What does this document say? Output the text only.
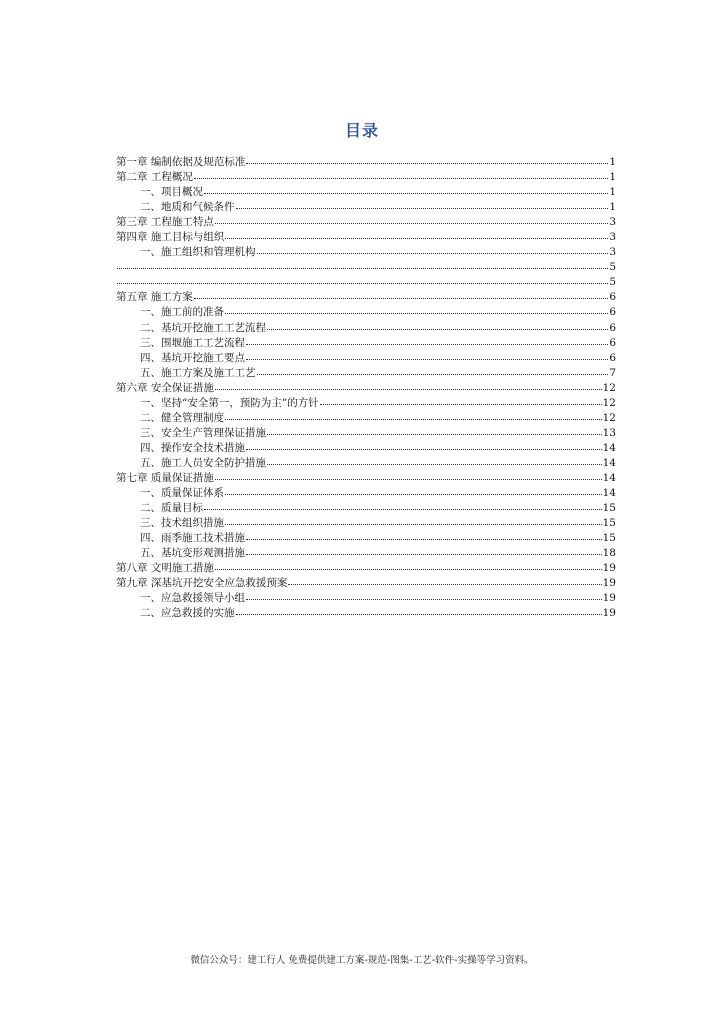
目录
第一章 编制依据及规范标准	1
第二章 工程概况	1
一、项目概况	1
二、地质和气候条件	1
第三章 工程施工特点	3
第四章 施工目标与组织	3
一、施工组织和管理机构	3
5
5
第五章 施工方案	6
一、施工前的准备	6
二、基坑开挖施工工艺流程	6
三、围堰施工工艺流程	6
四、基坑开挖施工要点	6
五、施工方案及施工工艺	7
第六章 安全保证措施	12
一、坚持“安全第一，预防为主”的方针	12
二、健全管理制度	12
三、安全生产管理保证措施	13
四、操作安全技术措施	14
五、施工人员安全防护措施	14
第七章 质量保证措施	14
一、质量保证体系	14
二、质量目标	15
三、技术组织措施	15
四、雨季施工技术措施	15
五、基坑变形观测措施	18
第八章 文明施工措施	19
第九章 深基坑开挖安全应急救援预案	19
一、应急救援领导小组	19
二、应急救援的实施	19
微信公众号：建工行人 免费提供建工方案-规范-图集-工艺-软件-实操等学习资料。
